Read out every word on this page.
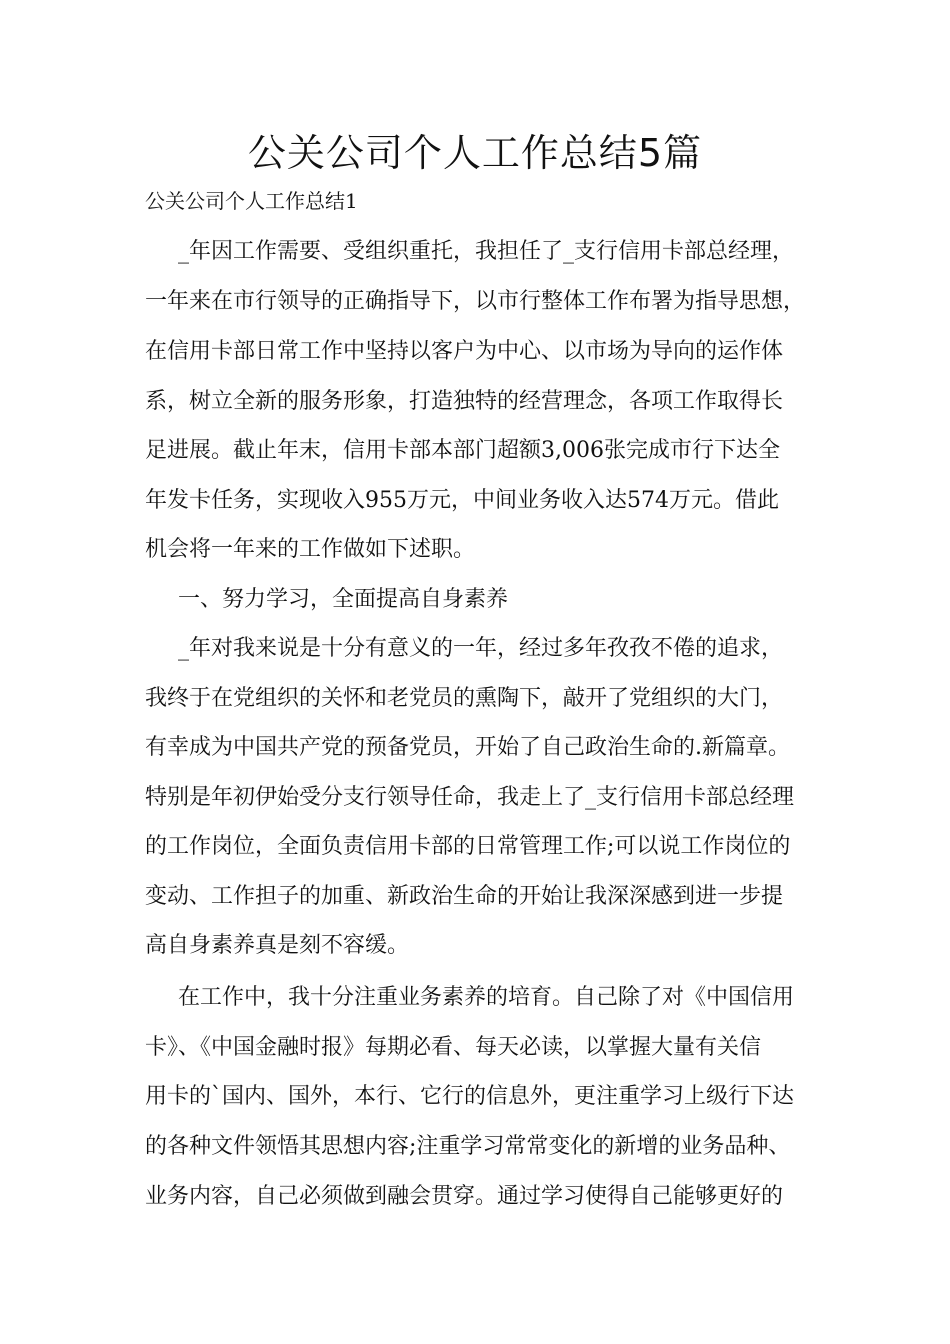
公关公司个人工作总结5篇

公关公司个人工作总结1

_年因工作需要、受组织重托，我担任了_支行信用卡部总经理，

一年来在市行领导的正确指导下，以市行整体工作布署为指导思想，

在信用卡部日常工作中坚持以客户为中心、以市场为导向的运作体

系，树立全新的服务形象，打造独特的经营理念，各项工作取得长

足进展。截止年末，信用卡部本部门超额3,006张完成市行下达全

年发卡任务，实现收入955万元，中间业务收入达574万元。借此

机会将一年来的工作做如下述职。

一、努力学习，全面提高自身素养

_年对我来说是十分有意义的一年，经过多年孜孜不倦的追求，

我终于在党组织的关怀和老党员的熏陶下，敲开了党组织的大门，

有幸成为中国共产党的预备党员，开始了自己政治生命的.新篇章。

特别是年初伊始受分支行领导任命，我走上了_支行信用卡部总经理

的工作岗位，全面负责信用卡部的日常管理工作;可以说工作岗位的

变动、工作担子的加重、新政治生命的开始让我深深感到进一步提

高自身素养真是刻不容缓。

在工作中，我十分注重业务素养的培育。自己除了对《中国信用

卡》、《中国金融时报》每期必看、每天必读，以掌握大量有关信

用卡的`国内、国外，本行、它行的信息外，更注重学习上级行下达

的各种文件领悟其思想内容;注重学习常常变化的新增的业务品种、

业务内容，自己必须做到融会贯穿。通过学习使得自己能够更好的
